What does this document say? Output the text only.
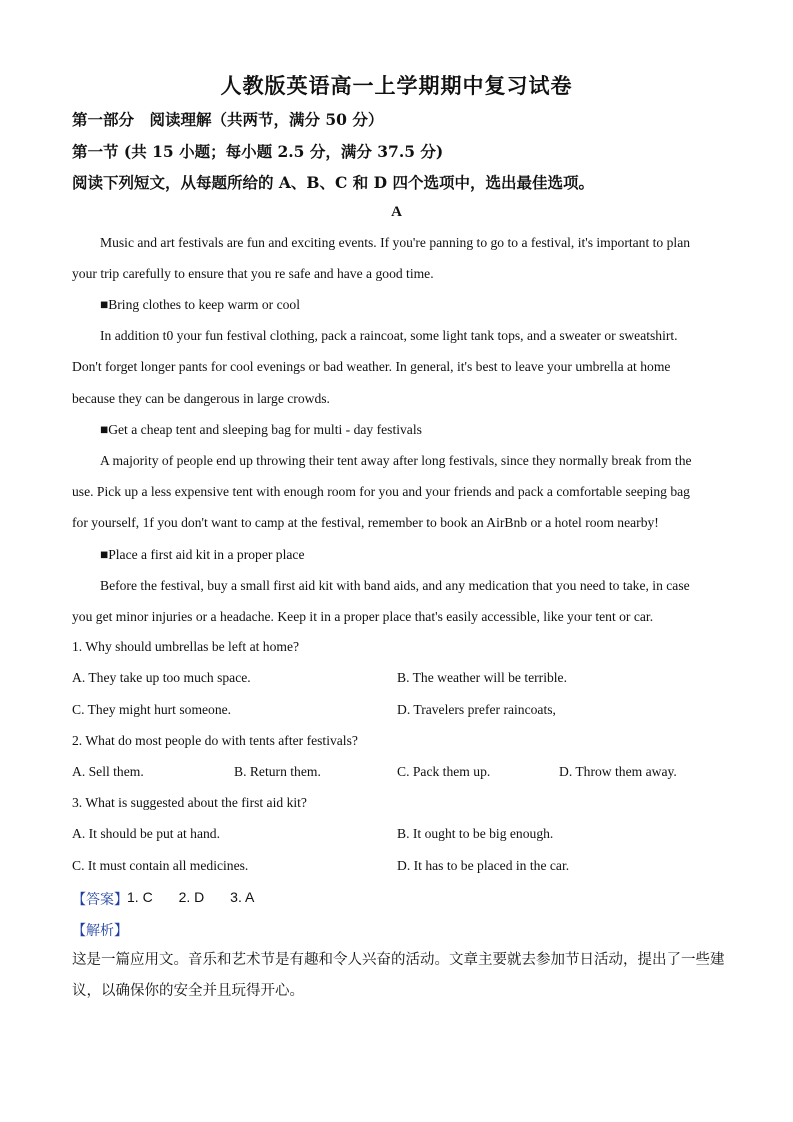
人教版英语高一上学期期中复习试卷
第一部分　阅读理解（共两节，满分 50 分）
第一节 (共 15 小题；每小题 2.5 分，满分 37.5 分)
阅读下列短文，从每题所给的 A、B、C 和 D 四个选项中，选出最佳选项。
A
Music and art festivals are fun and exciting events. If you're panning to go to a festival, it's important to plan
your trip carefully to ensure that you re safe and have a good time.
■Bring clothes to keep warm or cool
In addition t0 your fun festival clothing, pack a raincoat, some light tank tops, and a sweater or sweatshirt.
Don't forget longer pants for cool evenings or bad weather. In general, it's best to leave your umbrella at home
because they can be dangerous in large crowds.
■Get a cheap tent and sleeping bag for multi - day festivals
A majority of people end up throwing their tent away after long festivals, since they normally break from the
use. Pick up a less expensive tent with enough room for you and your friends and pack a comfortable seeping bag
for yourself, 1f you don't want to camp at the festival, remember to book an AirBnb or a hotel room nearby!
■Place a first aid kit in a proper place
Before the festival, buy a small first aid kit with band aids, and any medication that you need to take, in case
you get minor injuries or a headache. Keep it in a proper place that's easily accessible, like your tent or car.
1. Why should umbrellas be left at home?
A. They take up too much space.	B. The weather will be terrible.
C. They might hurt someone.	D. Travelers prefer raincoats,
2. What do most people do with tents after festivals?
A. Sell them.	B. Return them.	C. Pack them up.	D. Throw them away.
3. What is suggested about the first aid kit?
A. It should be put at hand.	B. It ought to be big enough.
C. It must contain all medicines.	D. It has to be placed in the car.
【答案】 1. C 2. D 3. A
【解析】
这是一篇应用文。音乐和艺术节是有趣和令人兴奋的活动。文章主要就去参加节日活动，提出了一些建议，以确保你的安全并且玩得开心。
